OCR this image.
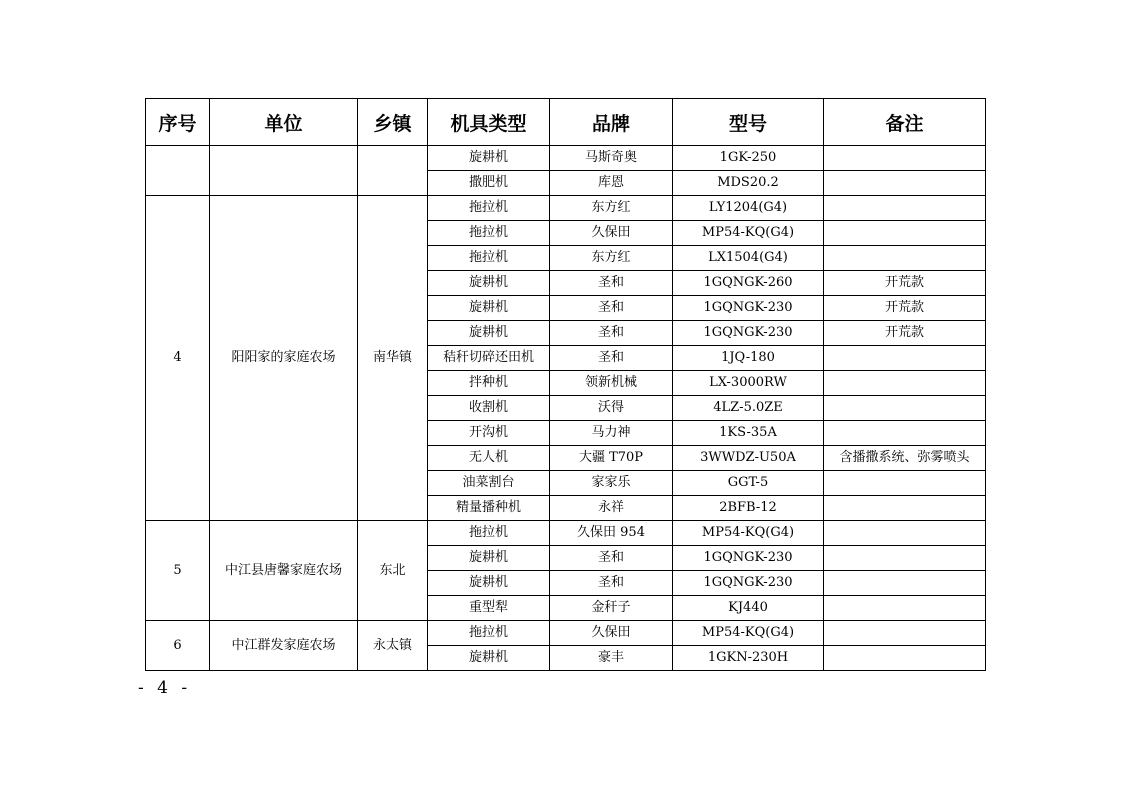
序号	单位	乡镇	机具类型	品牌	型号	备注
			旋耕机	马斯奇奥	1GK-250	
			撒肥机	库恩	MDS20.2	
4	阳阳家的家庭农场	南华镇	拖拉机	东方红	LY1204(G4)	
			拖拉机	久保田	MP54-KQ(G4)	
			拖拉机	东方红	LX1504(G4)	
			旋耕机	圣和	1GQNGK-260	开荒款
			旋耕机	圣和	1GQNGK-230	开荒款
			旋耕机	圣和	1GQNGK-230	开荒款
			秸秆切碎还田机	圣和	1JQ-180	
			拌种机	领新机械	LX-3000RW	
			收割机	沃得	4LZ-5.0ZE	
			开沟机	马力神	1KS-35A	
			无人机	大疆 T70P	3WWDZ-U50A	含播撒系统、弥雾喷头
			油菜割台	家家乐	GGT-5	
			精量播种机	永祥	2BFB-12	
5	中江县唐馨家庭农场	东北	拖拉机	久保田 954	MP54-KQ(G4)	
			旋耕机	圣和	1GQNGK-230	
			旋耕机	圣和	1GQNGK-230	
			重型犁	金秆子	KJ440	
6	中江群发家庭农场	永太镇	拖拉机	久保田	MP54-KQ(G4)	
			旋耕机	豪丰	1GKN-230H	
- 4 -
